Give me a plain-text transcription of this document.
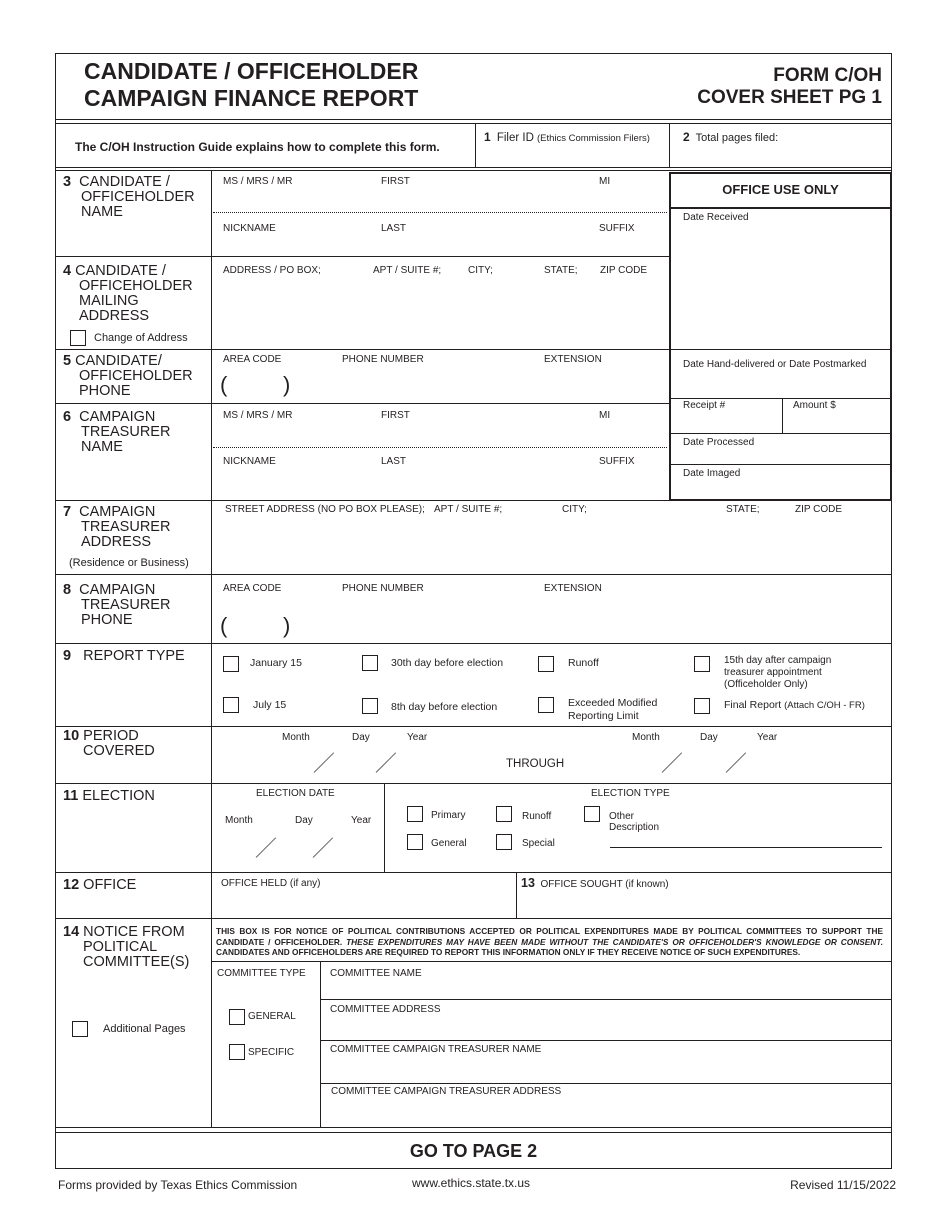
CANDIDATE / OFFICEHOLDER
CAMPAIGN FINANCE REPORT
FORM C/OH
COVER SHEET PG 1
The C/OH Instruction Guide explains how to complete this form.
1 Filer ID (Ethics Commission Filers)	2 Total pages filed:
OFFICE USE ONLY
Date Received
Date Hand-delivered or Date Postmarked
Receipt #	Amount $
Date Processed
Date Imaged
3 CANDIDATE /
OFFICEHOLDER
NAME
MS / MRS / MR	FIRST	MI
NICKNAME	LAST	SUFFIX
4 CANDIDATE /
OFFICEHOLDER
MAILING
ADDRESS
Change of Address
ADDRESS / PO BOX;	APT / SUITE #;	CITY;	STATE; ZIP CODE
5 CANDIDATE/
OFFICEHOLDER
PHONE
AREA CODE	PHONE NUMBER	EXTENSION
(	)
6 CAMPAIGN
TREASURER
NAME
MS / MRS / MR	FIRST	MI
NICKNAME	LAST	SUFFIX
7 CAMPAIGN
TREASURER
ADDRESS
(Residence or Business)
STREET ADDRESS (NO PO BOX PLEASE); APT / SUITE #;	CITY;	STATE;	ZIP CODE
8 CAMPAIGN
TREASURER
PHONE
AREA CODE	PHONE NUMBER	EXTENSION
(	)
9 REPORT TYPE	January 15	30th day before election	Runoff	15th day after campaign
treasurer appointment
(Officeholder Only)
July 15	8th day before election	Exceeded Modified
Reporting Limit
Final Report (Attach C/OH - FR)
10 PERIOD
COVERED
Month	Day	Year
THROUGH
Month	Day	Year
11 ELECTION	ELECTION DATE
Month	Day	Year
ELECTION TYPE
Primary	Runoff	Other
Description
General	Special
12 OFFICE	OFFICE HELD (if any)	13 OFFICE SOUGHT (if known)
14 NOTICE FROM
POLITICAL
COMMITTEE(S)
Additional Pages
THIS BOX IS FOR NOTICE OF POLITICAL CONTRIBUTIONS ACCEPTED OR POLITICAL EXPENDITURES MADE BY POLITICAL COMMITTEES TO SUPPORT THE CANDIDATE / OFFICEHOLDER. THESE EXPENDITURES MAY HAVE BEEN MADE WITHOUT THE CANDIDATE'S OR OFFICEHOLDER'S KNOWLEDGE OR CONSENT. CANDIDATES AND OFFICEHOLDERS ARE REQUIRED TO REPORT THIS INFORMATION ONLY IF THEY RECEIVE NOTICE OF SUCH EXPENDITURES.
COMMITTEE TYPE
GENERAL
SPECIFIC
COMMITTEE NAME
COMMITTEE ADDRESS
COMMITTEE CAMPAIGN TREASURER NAME
COMMITTEE CAMPAIGN TREASURER ADDRESS
GO TO PAGE 2
Forms provided by Texas Ethics Commission	www.ethics.state.tx.us	Revised 11/15/2022
